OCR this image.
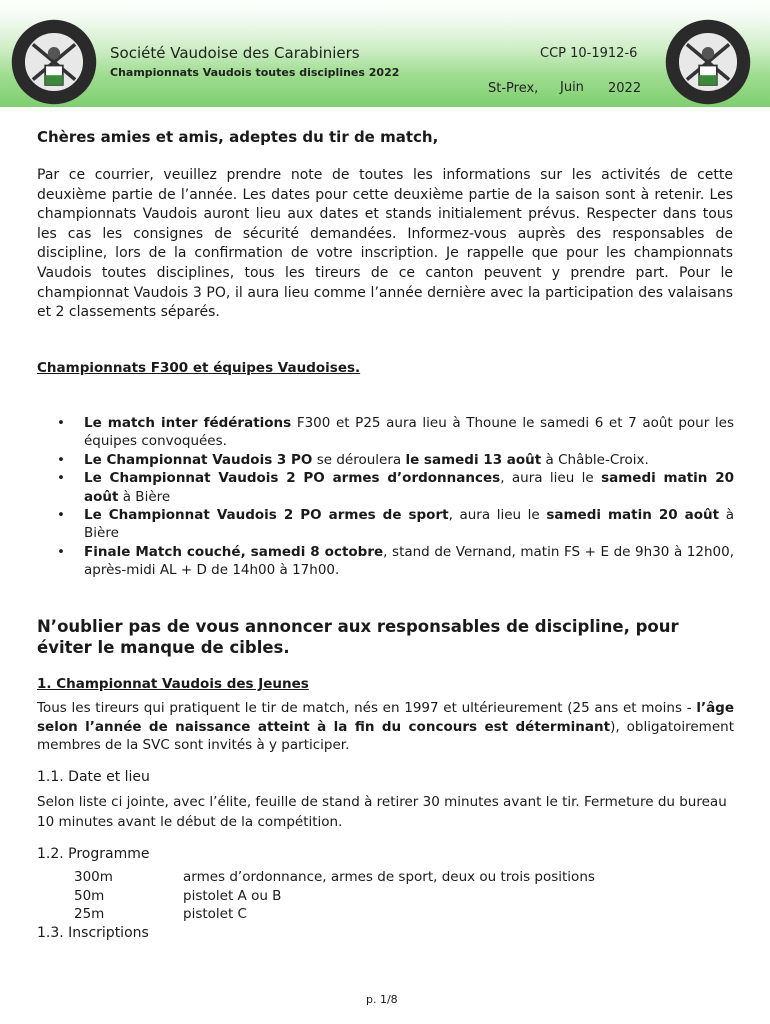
Société Vaudoise des Carabiniers
Championnats Vaudois toutes disciplines 2022
CCP 10-1912-6
St-Prex, Juin 2022
Chères amies et amis, adeptes du tir de match,

Par ce courrier, veuillez prendre note de toutes les informations sur les activités de cette deuxième partie de l’année. Les dates pour cette deuxième partie de la saison sont à retenir. Les championnats Vaudois auront lieu aux dates et stands initialement prévus. Respecter dans tous les cas les consignes de sécurité demandées. Informez-vous auprès des responsables de discipline, lors de la confirmation de votre inscription. Je rappelle que pour les championnats Vaudois toutes disciplines, tous les tireurs de ce canton peuvent y prendre part. Pour le championnat Vaudois 3 PO, il aura lieu comme l’année dernière avec la participation des valaisans et 2 classements séparés.

Championnats F300 et équipes Vaudoises.
• Le match inter fédérations F300 et P25 aura lieu à Thoune le samedi 6 et 7 août pour les équipes convoquées.
• Le Championnat Vaudois 3 PO se déroulera le samedi 13 août à Châble-Croix.
• Le Championnat Vaudois 2 PO armes d’ordonnances, aura lieu le samedi matin 20 août à Bière
• Le Championnat Vaudois 2 PO armes de sport, aura lieu le samedi matin 20 août à Bière
• Finale Match couché, samedi 8 octobre, stand de Vernand, matin FS + E de 9h30 à 12h00, après-midi AL + D de 14h00 à 17h00.

N’oublier pas de vous annoncer aux responsables de discipline, pour éviter le manque de cibles.

1. Championnat Vaudois des Jeunes

Tous les tireurs qui pratiquent le tir de match, nés en 1997 et ultérieurement (25 ans et moins - l’âge selon l’année de naissance atteint à la fin du concours est déterminant), obligatoirement membres de la SVC sont invités à y participer.

1.1. Date et lieu

Selon liste ci jointe, avec l’élite, feuille de stand à retirer 30 minutes avant le tir. Fermeture du bureau 10 minutes avant le début de la compétition.

1.2. Programme
300m	armes d’ordonnance, armes de sport, deux ou trois positions
50m	pistolet A ou B
25m	pistolet C
1.3. Inscriptions
p. 1/8
